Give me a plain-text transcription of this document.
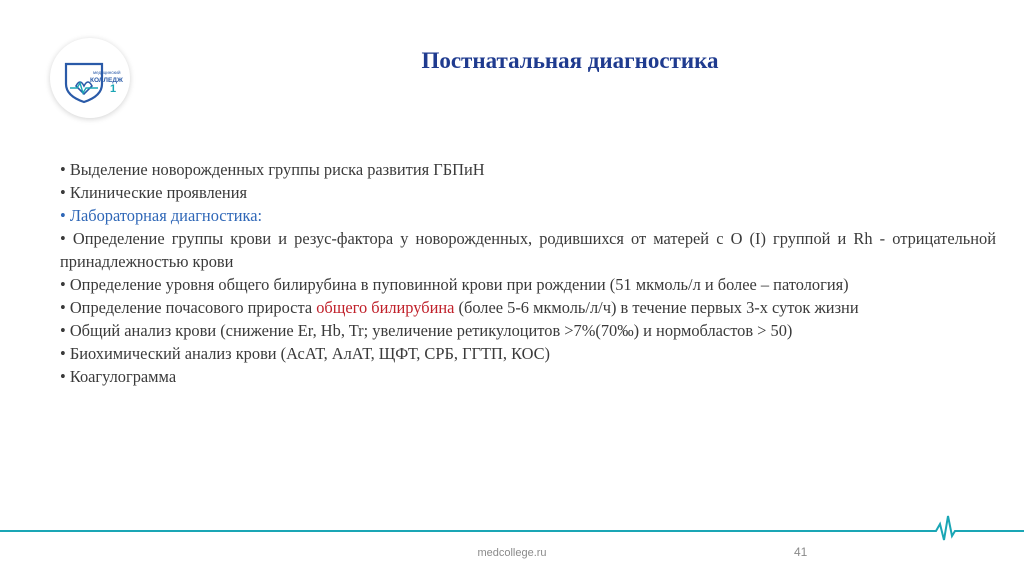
медицинский
КОЛЛЕДЖ
1
Постнатальная диагностика

• Выделение новорожденных группы риска развития ГБПиН

• Клинические проявления

• Лабораторная диагностика:

• Определение группы крови и резус-фактора у новорожденных, родившихся от матерей с О (I) группой и Rh - отрицательной принадлежностью крови

• Определение уровня общего билирубина в пуповинной крови при рождении (51 мкмоль/л и более – патология)

• Определение почасового прироста общего билирубина (более 5-6 мкмоль/л/ч) в течение первых 3-х суток жизни

• Общий анализ крови (снижение Er, Hb, Tr; увеличение ретикулоцитов >7%(70‰) и нормобластов > 50)

• Биохимический анализ крови (АсАТ, АлАТ, ЩФТ, СРБ, ГГТП, КОС)

• Коагулограмма

medcollege.ru	41
